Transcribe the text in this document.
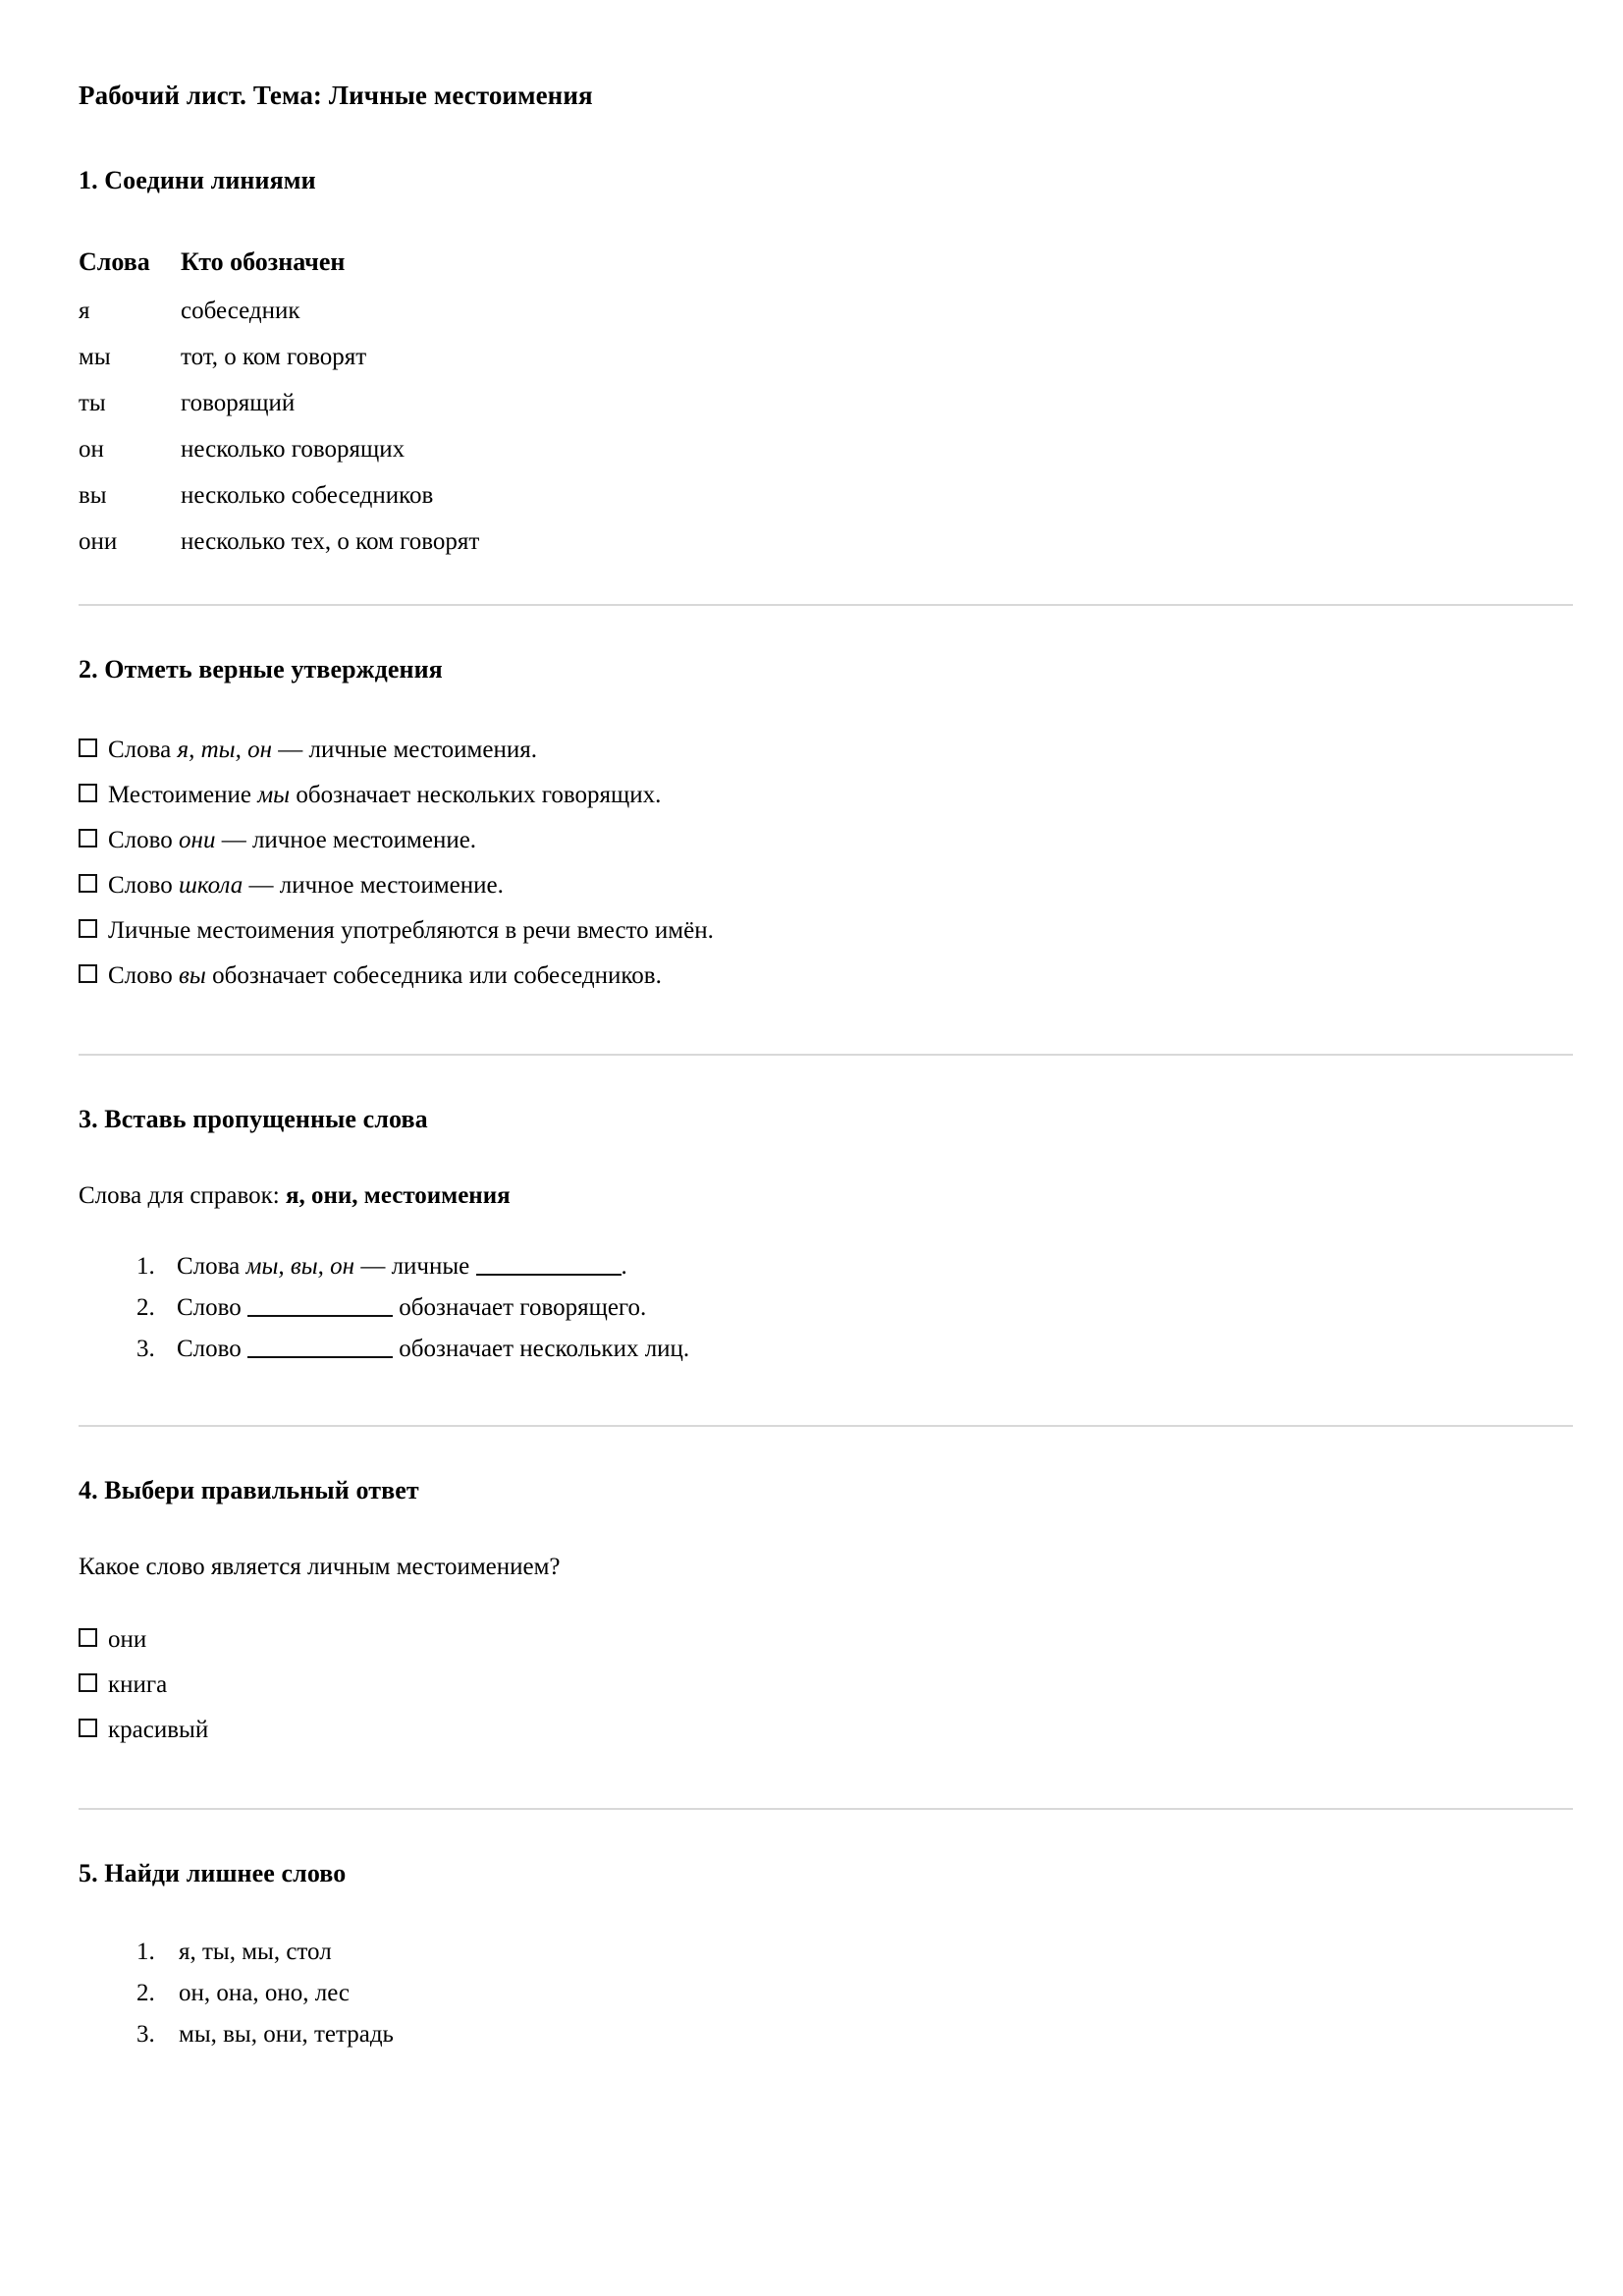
Рабочий лист. Тема: Личные местоимения
1. Соедини линиями
Слова	Кто обозначен
я	собеседник
мы	тот, о ком говорят
ты	говорящий
он	несколько говорящих
вы	несколько собеседников
они	несколько тех, о ком говорят
2. Отметь верные утверждения
Слова я, ты, он — личные местоимения.
Местоимение мы обозначает нескольких говорящих.
Слово они — личное местоимение.
Слово школа — личное местоимение.
Личные местоимения употребляются в речи вместо имён.
Слово вы обозначает собеседника или собеседников.
3. Вставь пропущенные слова

Слова для справок: я, они, местоимения

1. Слова мы, вы, он — личные	.
2. Слово	обозначает говорящего.
3. Слово	обозначает нескольких лиц.
4. Выбери правильный ответ

Какое слово является личным местоимением?

они
книга
красивый
5. Найди лишнее слово
1. я, ты, мы, стол
2. он, она, оно, лес
3. мы, вы, они, тетрадь
